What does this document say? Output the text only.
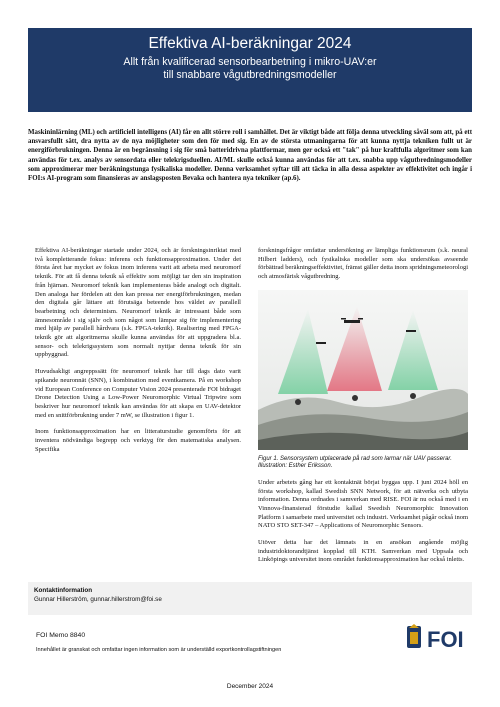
Effektiva AI-beräkningar 2024
Allt från kvalificerad sensorbearbetning i mikro-UAV:er
till snabbare vågutbredningsmodeller
Maskininlärning (ML) och artificiell intelligens (AI) får en allt större roll i samhället. Det är viktigt både att följa denna utveckling såväl som att, på ett ansvarsfullt sätt, dra nytta av de nya möjligheter som den för med sig. En av de största utmaningarna för att kunna nyttja tekniken fullt ut är energiförbrukningen. Denna är en begränsning i sig för små batteridrivna plattformar, men ger också ett "tak" på hur kraftfulla algoritmer som kan användas för t.ex. analys av sensordata eller telekrigsduellen. AI/ML skulle också kunna användas för att t.ex. snabba upp vågutbredningsmodeller som approximerar mer beräkningstunga fysikaliska modeller. Denna verksamhet syftar till att täcka in alla dessa aspekter av effektivitet och ingår i FOI:s AI-program som finansieras av anslagsposten Bevaka och hantera nya tekniker (ap.6).

Effektiva AI-beräkningar startade under 2024, och är forskningsinriktat med två kompletterande fokus: inferens och funktionsapproximation. Under det första året har mycket av fokus inom inferens varit att arbeta med neuromorf teknik. För att få denna teknik så effektiv som möjligt tar den sin inspiration från hjärnan. Neuromorf teknik kan implementeras både analogt och digitalt. Den analoga har fördelen att den kan pressa ner energiförbrukningen, medan den digitala går lättare att förutsäga beteende hos väldet av parallell bearbetning och determinism. Neuromorf teknik är intressant både som ämnesområde i sig själv och som något som lämpar sig för implementering med hjälp av parallell hårdvara (s.k. FPGA-teknik). Realisering med FPGA-teknik gör att algoritmerna skulle kunna användas för att uppgradera bl.a. sensor- och telekrigssystem som normalt nyttjar denna teknik för sin uppbyggnad.

Huvudsakligt angreppssätt för neuromorf teknik har till dags dato varit spikande neuronnät (SNN), i kombination med eventkamera. På en workshop vid European Conference on Computer Vision 2024 presenterade FOI bidraget Drone Detection Using a Low-Power Neuromorphic Virtual Tripwire som beskriver hur neuromorf teknik kan användas för att skapa en UAV-detektor med en snittförbrukning under 7 mW, se illustration i figur 1.

Inom funktionsapproximation har en litteraturstudie genomförts för att inventera nödvändiga begrepp och verktyg för den matematiska analysen. Specifika

forskningsfrågor omfattar undersökning av lämpliga funktionsrum (s.k. neural Hilbert ladders), och fysikaliska modeller som ska undersökas avseende förbättrad beräkningseffektivitet, främst gäller detta inom spridningsmeteorologi och atmosfärisk vågutbredning.

Figur 1. Sensorsystem utplacerade på rad som larmar när UAV passerar. Illustration: Esther Eriksson.

Under arbetets gång har ett kontaktnät börjat byggas upp. I juni 2024 höll en första workshop, kallad Swedish SNN Network, för att nätverka och utbyta information. Denna ordnades i samverkan med RISE. FOI är nu också med i en Vinnova-finansierad förstudie kallad Swedish Neuromorphic Innovation Platform i samarbete med universitet och industri. Verksamhet pågår också inom NATO STO SET-347 – Applications of Neuromorphic Sensors.

Utöver detta har det lämnats in en ansökan angående möjlig industridoktorandtjänst kopplad till KTH. Samverkan med Uppsala och Linköpings universitet inom området funktionsapproximation har också inletts.

Kontaktinformation
Gunnar Hillerström, gunnar.hillerstrom@foi.se
FOI Memo 8840
Innehållet är granskat och omfattar ingen information som är underställd exportkontrollagstiftningen	FOI
December 2024
